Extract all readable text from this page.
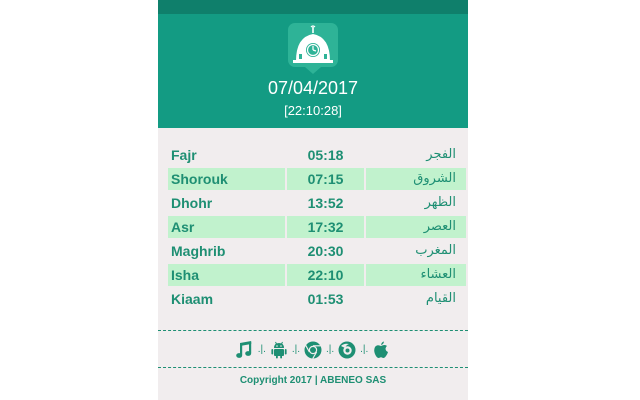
07/04/2017
[22:10:28]
Fajr	05:18	الفجر
Shorouk	07:15	الشروق
Dhohr	13:52	الظهر
Asr	17:32	العصر
Maghrib	20:30	المغرب
Isha	22:10	العشاء
Kiaam	01:53	القيام
.|.	.|.	.|.	.|.
Copyright 2017 | ABENEO SAS
